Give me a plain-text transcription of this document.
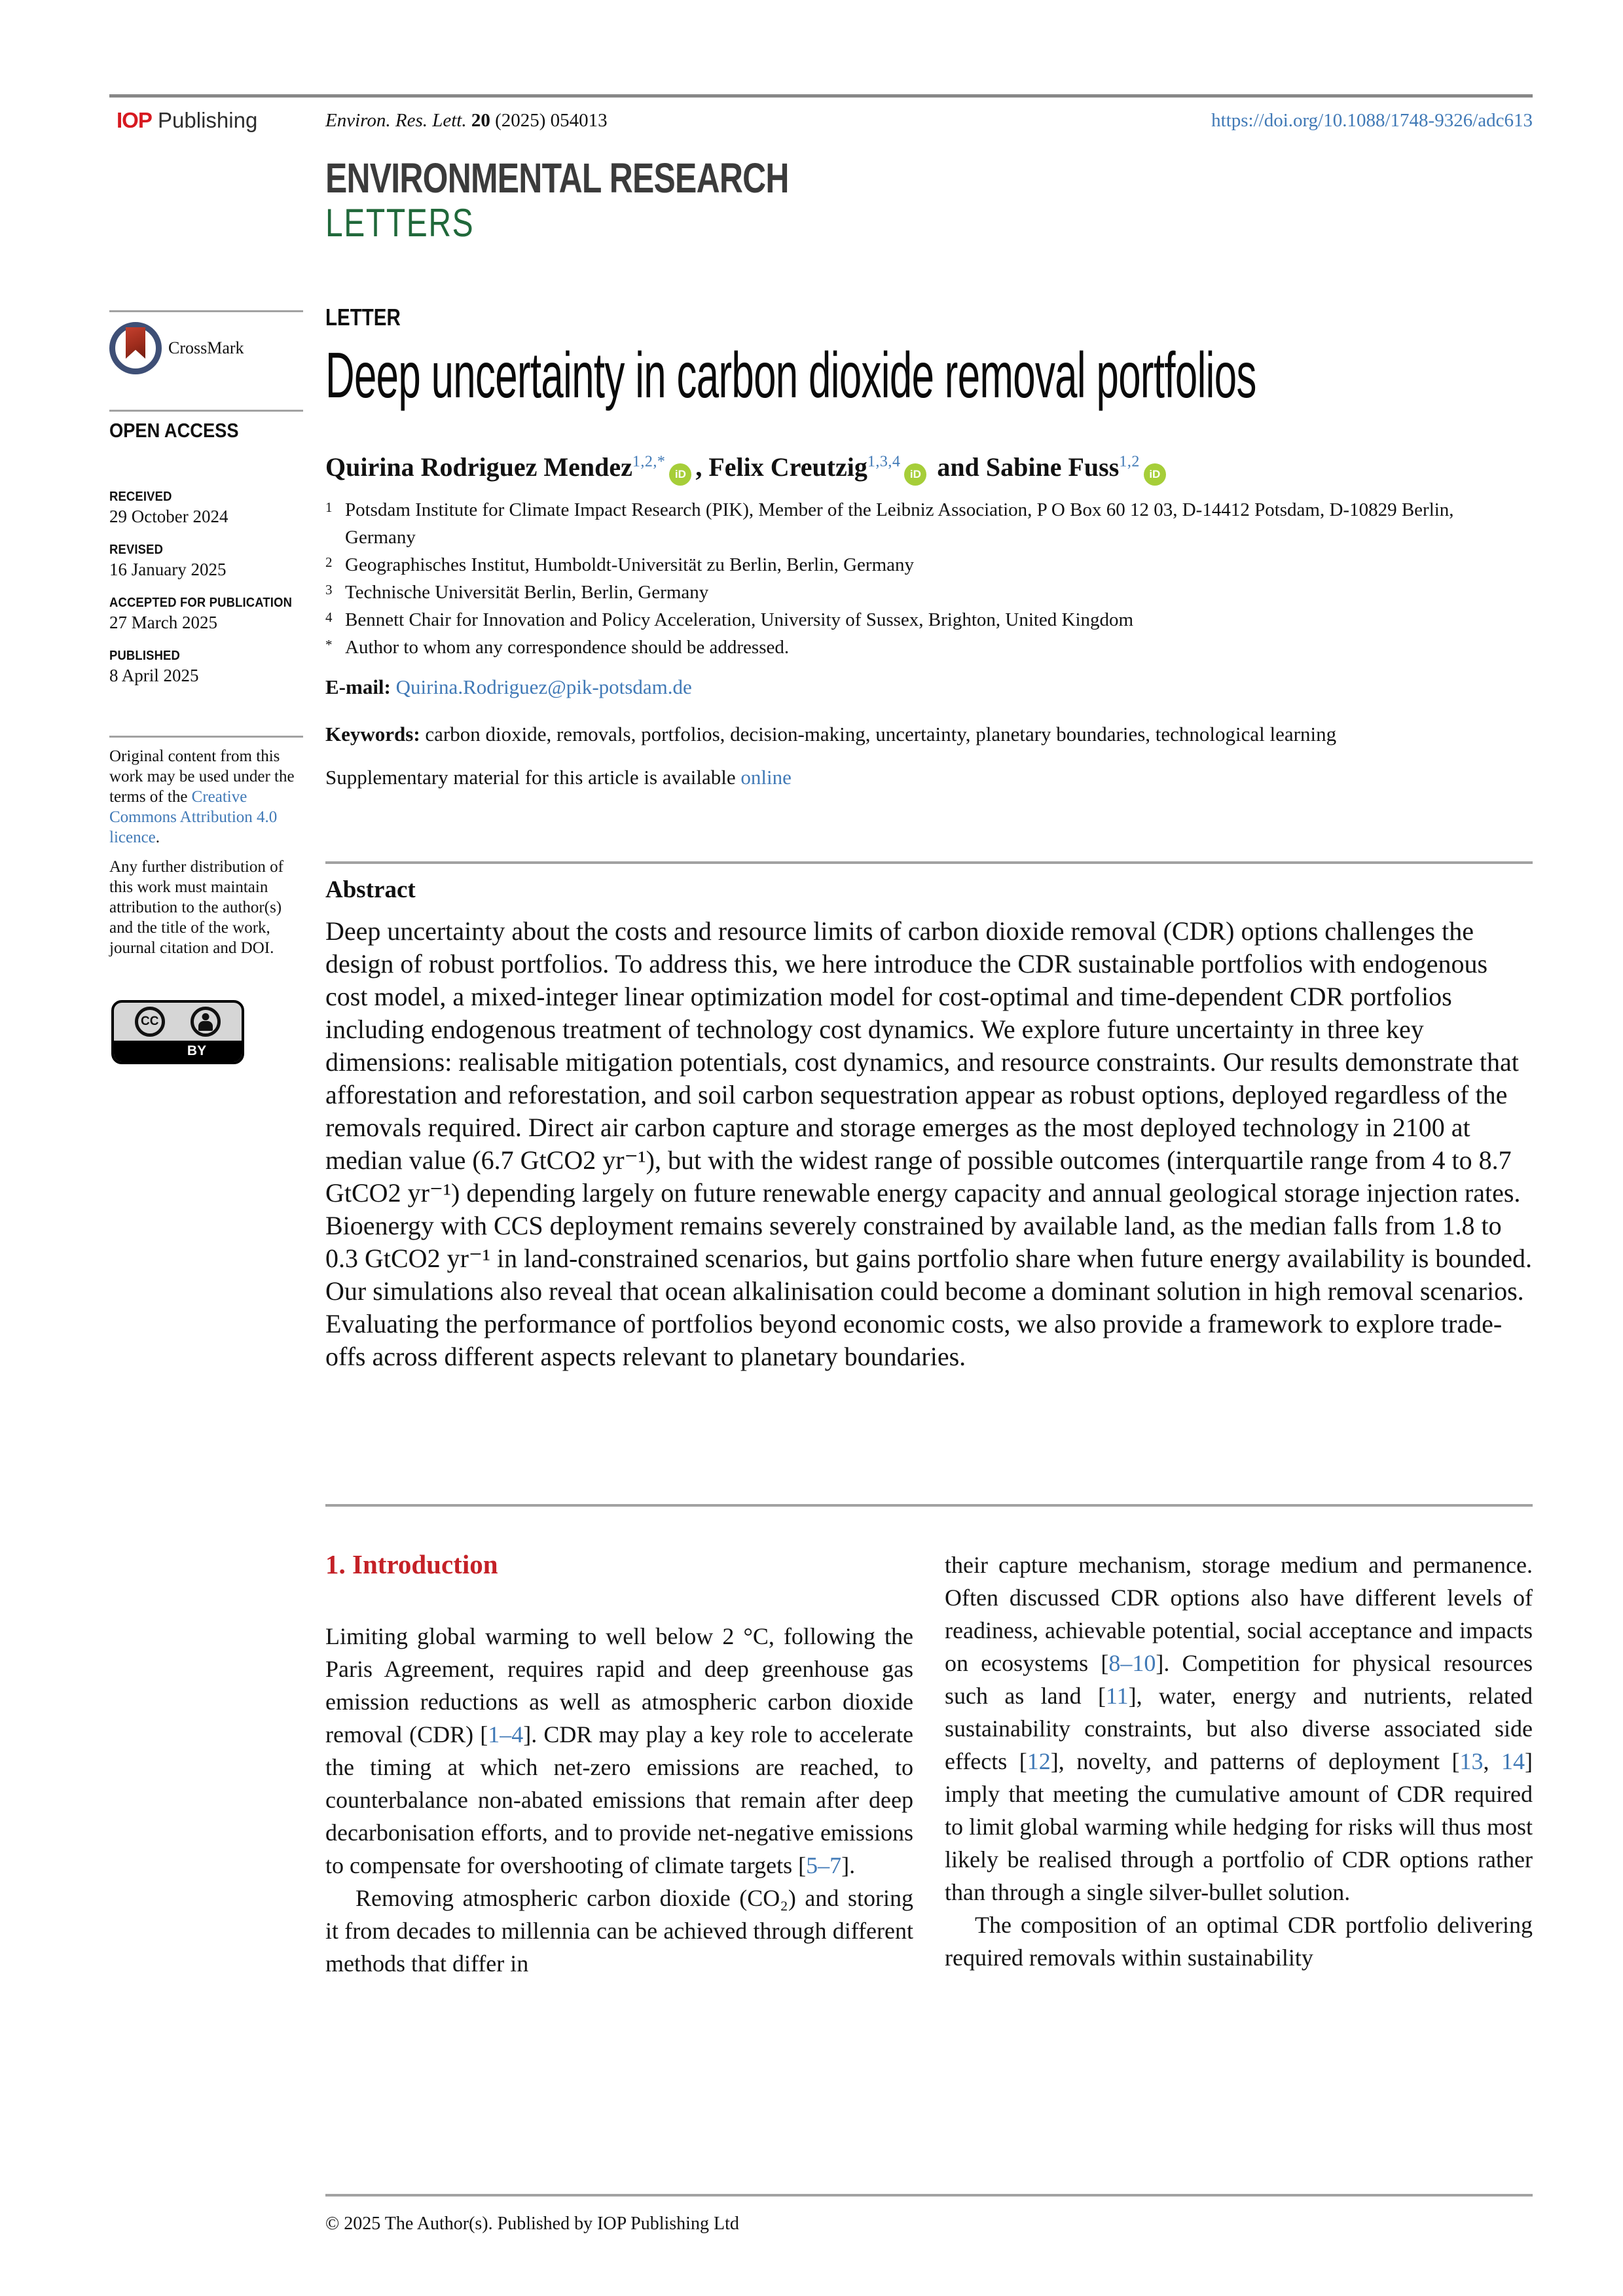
IOP Publishing	Environ. Res. Lett. 20 (2025) 054013	https://doi.org/10.1088/1748-9326/adc613
ENVIRONMENTAL RESEARCH
LETTERS
CrossMark
OPEN ACCESS
RECEIVED
29 October 2024
REVISED
16 January 2025
ACCEPTED FOR PUBLICATION
27 March 2025
PUBLISHED
8 April 2025

Original content from this work may be used under the terms of the Creative Commons Attribution 4.0 licence.

Any further distribution of this work must maintain attribution to the author(s) and the title of the work, journal citation and DOI.

CC
BY
LETTER
Deep uncertainty in carbon dioxide removal portfolios
Quirina Rodriguez Mendez$^{1,2,*}$iD , Felix Creutzig$^{1,3,4}$iD and Sabine Fuss$^{1,2}$iD
1 Potsdam Institute for Climate Impact Research (PIK), Member of the Leibniz Association, P O Box 60 12 03, D-14412 Potsdam, D-10829 Berlin, Germany
2 Geographisches Institut, Humboldt-Universität zu Berlin, Berlin, Germany
3 Technische Universität Berlin, Berlin, Germany
4 Bennett Chair for Innovation and Policy Acceleration, University of Sussex, Brighton, United Kingdom
* Author to whom any correspondence should be addressed.
E-mail: Quirina.Rodriguez@pik-potsdam.de
Keywords: carbon dioxide, removals, portfolios, decision-making, uncertainty, planetary boundaries, technological learning
Supplementary material for this article is available online
Abstract
Deep uncertainty about the costs and resource limits of carbon dioxide removal (CDR) options challenges the design of robust portfolios. To address this, we here introduce the CDR sustainable portfolios with endogenous cost model, a mixed-integer linear optimization model for cost-optimal and time-dependent CDR portfolios including endogenous treatment of technology cost dynamics. We explore future uncertainty in three key dimensions: realisable mitigation potentials, cost dynamics, and resource constraints. Our results demonstrate that afforestation and reforestation, and soil carbon sequestration appear as robust options, deployed regardless of the removals required. Direct air carbon capture and storage emerges as the most deployed technology in 2100 at median value (6.7 GtCO2 yr⁻¹), but with the widest range of possible outcomes (interquartile range from 4 to 8.7 GtCO2 yr⁻¹) depending largely on future renewable energy capacity and annual geological storage injection rates. Bioenergy with CCS deployment remains severely constrained by available land, as the median falls from 1.8 to 0.3 GtCO2 yr⁻¹ in land-constrained scenarios, but gains portfolio share when future energy availability is bounded. Our simulations also reveal that ocean alkalinisation could become a dominant solution in high removal scenarios. Evaluating the performance of portfolios beyond economic costs, we also provide a framework to explore trade-offs across different aspects relevant to planetary boundaries.
1. Introduction

Limiting global warming to well below 2 °C, following the Paris Agreement, requires rapid and deep greenhouse gas emission reductions as well as atmospheric carbon dioxide removal (CDR) [1–4]. CDR may play a key role to accelerate the timing at which net-zero emissions are reached, to counterbalance non-abated emissions that remain after deep decarbonisation efforts, and to provide net-negative emissions to compensate for overshooting of climate targets [5–7].

Removing atmospheric carbon dioxide (CO₂) and storing it from decades to millennia can be achieved through different methods that differ in

their capture mechanism, storage medium and permanence. Often discussed CDR options also have different levels of readiness, achievable potential, social acceptance and impacts on ecosystems [8–10]. Competition for physical resources such as land [11], water, energy and nutrients, related sustainability constraints, but also diverse associated side effects [12], novelty, and patterns of deployment [13, 14] imply that meeting the cumulative amount of CDR required to limit global warming while hedging for risks will thus most likely be realised through a portfolio of CDR options rather than through a single silver-bullet solution.

The composition of an optimal CDR portfolio delivering required removals within sustainability

© 2025 The Author(s). Published by IOP Publishing Ltd
